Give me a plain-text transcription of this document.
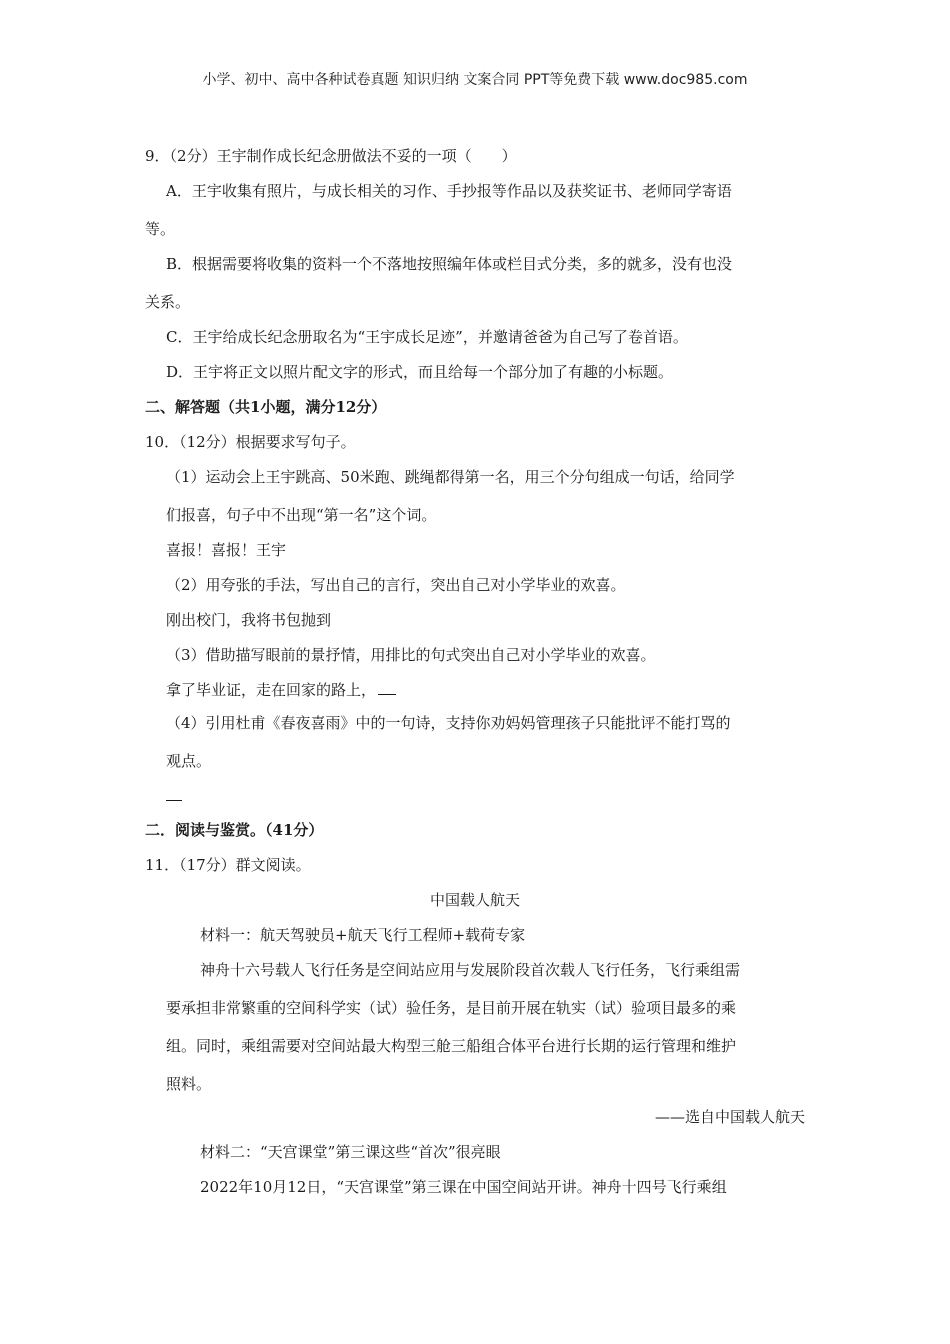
小学、初中、高中各种试卷真题 知识归纳 文案合同 PPT等免费下载 www.doc985.com

9．（2分）王宇制作成长纪念册做法不妥的一项（　　）

A．王宇收集有照片，与成长相关的习作、手抄报等作品以及获奖证书、老师同学寄语

等。

B．根据需要将收集的资料一个不落地按照编年体或栏目式分类，多的就多，没有也没

关系。

C．王宇给成长纪念册取名为“王宇成长足迹”，并邀请爸爸为自己写了卷首语。

D．王宇将正文以照片配文字的形式，而且给每一个部分加了有趣的小标题。

二、解答题（共1小题，满分12分）

10．（12分）根据要求写句子。

（1）运动会上王宇跳高、50米跑、跳绳都得第一名，用三个分句组成一句话，给同学

们报喜，句子中不出现“第一名”这个词。

喜报！喜报！王宇

（2）用夸张的手法，写出自己的言行，突出自己对小学毕业的欢喜。

刚出校门，我将书包抛到

（3）借助描写眼前的景抒情，用排比的句式突出自己对小学毕业的欢喜。

拿了毕业证，走在回家的路上，

（4）引用杜甫《春夜喜雨》中的一句诗，支持你劝妈妈管理孩子只能批评不能打骂的

观点。

二．阅读与鉴赏。（41分）

11．（17分）群文阅读。

中国载人航天

材料一：航天驾驶员+航天飞行工程师+载荷专家

神舟十六号载人飞行任务是空间站应用与发展阶段首次载人飞行任务，飞行乘组需

要承担非常繁重的空间科学实（试）验任务，是目前开展在轨实（试）验项目最多的乘

组。同时，乘组需要对空间站最大构型三舱三船组合体平台进行长期的运行管理和维护

照料。

——选自中国载人航天

材料二：“天宫课堂”第三课这些“首次”很亮眼

2022年10月12日，“天宫课堂”第三课在中国空间站开讲。神舟十四号飞行乘组
